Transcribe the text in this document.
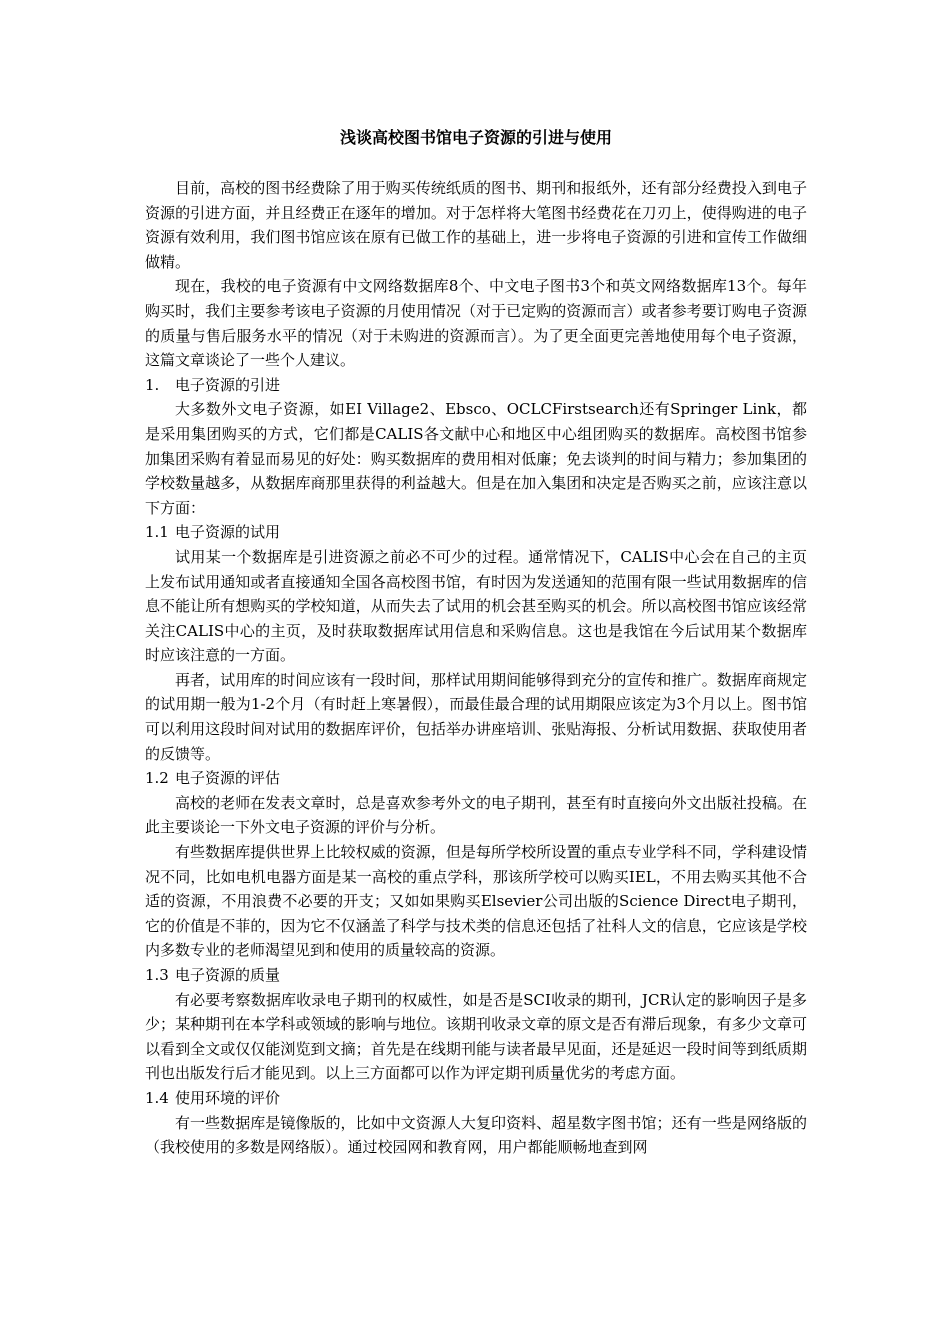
浅谈高校图书馆电子资源的引进与使用

目前，高校的图书经费除了用于购买传统纸质的图书、期刊和报纸外，还有部分经费投入到电子资源的引进方面，并且经费正在逐年的增加。对于怎样将大笔图书经费花在刀刃上，使得购进的电子资源有效利用，我们图书馆应该在原有已做工作的基础上，进一步将电子资源的引进和宣传工作做细做精。

现在，我校的电子资源有中文网络数据库8个、中文电子图书3个和英文网络数据库13个。每年购买时，我们主要参考该电子资源的月使用情况（对于已定购的资源而言）或者参考要订购电子资源的质量与售后服务水平的情况（对于未购进的资源而言）。为了更全面更完善地使用每个电子资源，这篇文章谈论了一些个人建议。

1. 电子资源的引进

大多数外文电子资源，如EI Village2、Ebsco、OCLCFirstsearch还有Springer Link，都是采用集团购买的方式，它们都是CALIS各文献中心和地区中心组团购买的数据库。高校图书馆参加集团采购有着显而易见的好处：购买数据库的费用相对低廉；免去谈判的时间与精力；参加集团的学校数量越多，从数据库商那里获得的利益越大。但是在加入集团和决定是否购买之前，应该注意以下方面：

1.1 电子资源的试用

试用某一个数据库是引进资源之前必不可少的过程。通常情况下，CALIS中心会在自己的主页上发布试用通知或者直接通知全国各高校图书馆，有时因为发送通知的范围有限一些试用数据库的信息不能让所有想购买的学校知道，从而失去了试用的机会甚至购买的机会。所以高校图书馆应该经常关注CALIS中心的主页，及时获取数据库试用信息和采购信息。这也是我馆在今后试用某个数据库时应该注意的一方面。

再者，试用库的时间应该有一段时间，那样试用期间能够得到充分的宣传和推广。数据库商规定的试用期一般为1-2个月（有时赶上寒暑假），而最佳最合理的试用期限应该定为3个月以上。图书馆可以利用这段时间对试用的数据库评价，包括举办讲座培训、张贴海报、分析试用数据、获取使用者的反馈等。

1.2 电子资源的评估

高校的老师在发表文章时，总是喜欢参考外文的电子期刊，甚至有时直接向外文出版社投稿。在此主要谈论一下外文电子资源的评价与分析。

有些数据库提供世界上比较权威的资源，但是每所学校所设置的重点专业学科不同，学科建设情况不同，比如电机电器方面是某一高校的重点学科，那该所学校可以购买IEL，不用去购买其他不合适的资源，不用浪费不必要的开支；又如如果购买Elsevier公司出版的Science Direct电子期刊，它的价值是不菲的，因为它不仅涵盖了科学与技术类的信息还包括了社科人文的信息，它应该是学校内多数专业的老师渴望见到和使用的质量较高的资源。

1.3 电子资源的质量

有必要考察数据库收录电子期刊的权威性，如是否是SCI收录的期刊，JCR认定的影响因子是多少；某种期刊在本学科或领域的影响与地位。该期刊收录文章的原文是否有滞后现象，有多少文章可以看到全文或仅仅能浏览到文摘；首先是在线期刊能与读者最早见面，还是延迟一段时间等到纸质期刊也出版发行后才能见到。以上三方面都可以作为评定期刊质量优劣的考虑方面。

1.4 使用环境的评价

有一些数据库是镜像版的，比如中文资源人大复印资料、超星数字图书馆；还有一些是网络版的（我校使用的多数是网络版）。通过校园网和教育网，用户都能顺畅地查到网
